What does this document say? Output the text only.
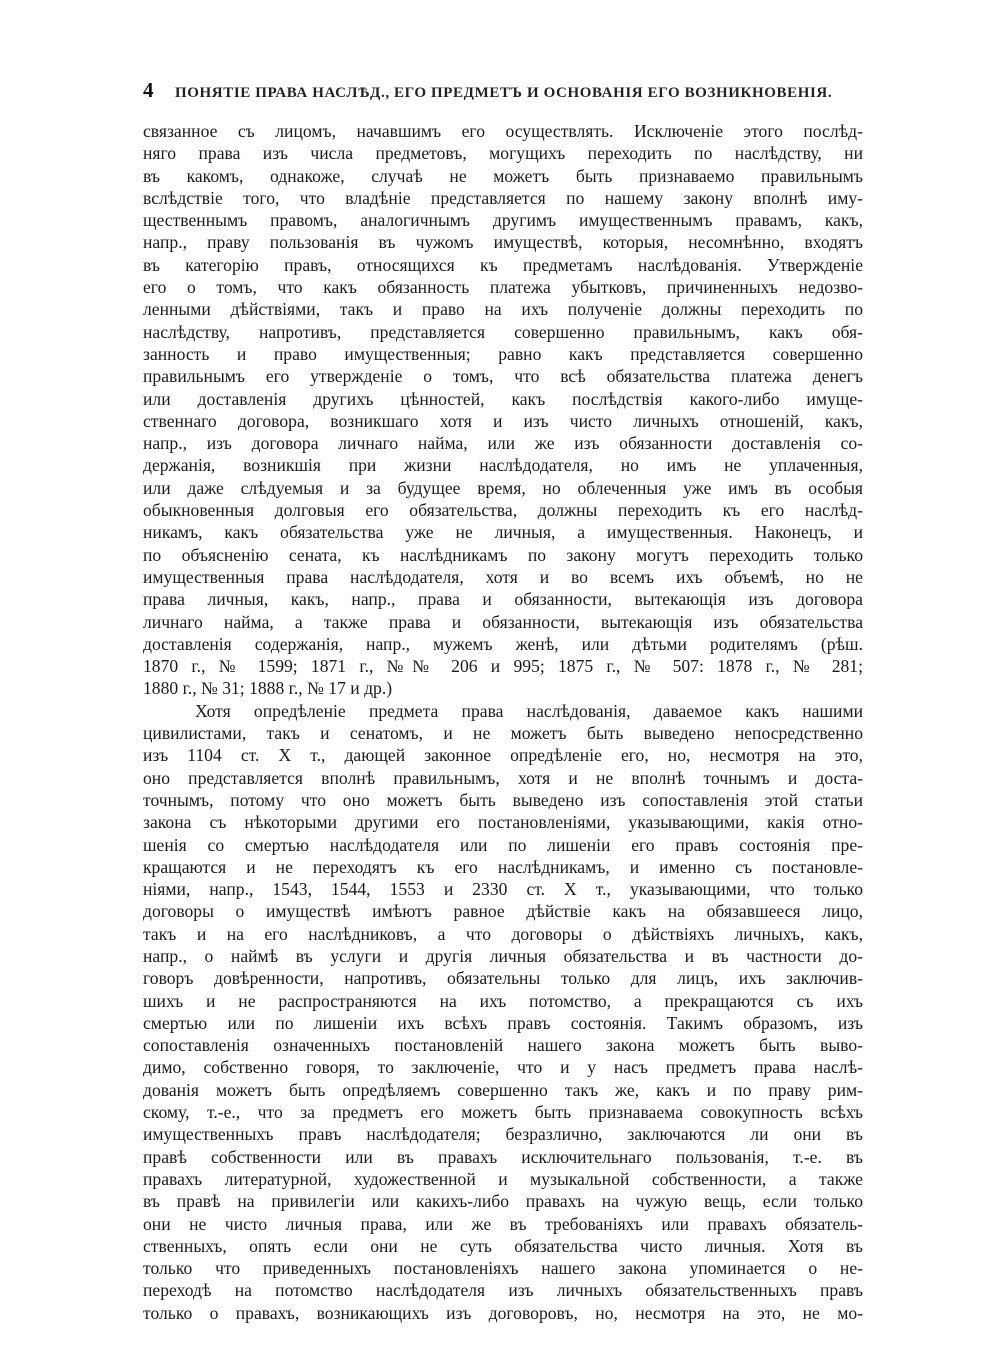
4	ПОНЯТІЕ ПРАВА НАСЛѢД., ЕГО ПРЕДМЕТЪ И ОСНОВАНІЯ ЕГО ВОЗНИКНОВЕНІЯ.
связанное съ лицомъ, начавшимъ его осуществлять. Исключеніе этого послѣд-
няго права изъ числа предметовъ, могущихъ переходить по наслѣдству, ни
въ какомъ, однакоже, случаѣ не можетъ быть признаваемо правильнымъ
вслѣдствіе того, что владѣніе представляется по нашему закону вполнѣ иму-
щественнымъ правомъ, аналогичнымъ другимъ имущественнымъ правамъ, какъ,
напр., праву пользованія въ чужомъ имуществѣ, которыя, несомнѣнно, входятъ
въ категорію правъ, относящихся къ предметамъ наслѣдованія. Утвержденіе
его о томъ, что какъ обязанность платежа убытковъ, причиненныхъ недозво-
ленными дѣйствіями, такъ и право на ихъ полученіе должны переходить по
наслѣдству, напротивъ, представляется совершенно правильнымъ, какъ обя-
занность и право имущественныя; равно какъ представляется совершенно
правильнымъ его утвержденіе о томъ, что всѣ обязательства платежа денегъ
или доставленія другихъ цѣнностей, какъ послѣдствія какого-либо имуще-
ственнаго договора, возникшаго хотя и изъ чисто личныхъ отношеній, какъ,
напр., изъ договора личнаго найма, или же изъ обязанности доставленія со-
держанія, возникшія при жизни наслѣдодателя, но имъ не уплаченныя,
или даже слѣдуемыя и за будущее время, но облеченныя уже имъ въ особыя
обыкновенныя долговыя его обязательства, должны переходить къ его наслѣд-
никамъ, какъ обязательства уже не личныя, а имущественныя. Наконецъ, и
по объясненію сената, къ наслѣдникамъ по закону могутъ переходить только
имущественныя права наслѣдодателя, хотя и во всемъ ихъ объемѣ, но не
права личныя, какъ, напр., права и обязанности, вытекающія изъ договора
личнаго найма, а также права и обязанности, вытекающія изъ обязательства
доставленія содержанія, напр., мужемъ женѣ, или дѣтьми родителямъ (рѣш.
1870 г., № 1599; 1871 г., №№ 206 и 995; 1875 г., № 507: 1878 г., № 281;
1880 г., № 31; 1888 г., № 17 и др.)
Хотя опредѣленіе предмета права наслѣдованія, даваемое какъ нашими
цивилистами, такъ и сенатомъ, и не можетъ быть выведено непосредственно
изъ 1104 ст. X т., дающей законное опредѣленіе его, но, несмотря на это,
оно представляется вполнѣ правильнымъ, хотя и не вполнѣ точнымъ и доста-
точнымъ, потому что оно можетъ быть выведено изъ сопоставленія этой статьи
закона съ нѣкоторыми другими его постановленіями, указывающими, какія отно-
шенія со смертью наслѣдодателя или по лишеніи его правъ состоянія пре-
кращаются и не переходятъ къ его наслѣдникамъ, и именно съ постановле-
ніями, напр., 1543, 1544, 1553 и 2330 ст. X т., указывающими, что только
договоры о имуществѣ имѣютъ равное дѣйствіе какъ на обязавшееся лицо,
такъ и на его наслѣдниковъ, а что договоры о дѣйствіяхъ личныхъ, какъ,
напр., о наймѣ въ услуги и другія личныя обязательства и въ частности до-
говоръ довѣренности, напротивъ, обязательны только для лицъ, ихъ заключив-
шихъ и не распространяются на ихъ потомство, а прекращаются съ ихъ
смертью или по лишеніи ихъ всѣхъ правъ состоянія. Такимъ образомъ, изъ
сопоставленія означенныхъ постановленій нашего закона можетъ быть выво-
димо, собственно говоря, то заключеніе, что и у насъ предметъ права наслѣ-
дованія можетъ быть опредѣляемъ совершенно такъ же, какъ и по праву рим-
скому, т.-е., что за предметъ его можетъ быть признаваема совокупность всѣхъ
имущественныхъ правъ наслѣдодателя; безразлично, заключаются ли они въ
правѣ собственности или въ правахъ исключительнаго пользованія, т.-е. въ
правахъ литературной, художественной и музыкальной собственности, а также
въ правѣ на привилегіи или какихъ-либо правахъ на чужую вещь, если только
они не чисто личныя права, или же въ требованіяхъ или правахъ обязатель-
ственныхъ, опять если они не суть обязательства чисто личныя. Хотя въ
только что приведенныхъ постановленіяхъ нашего закона упоминается о не-
переходѣ на потомство наслѣдодателя изъ личныхъ обязательственныхъ правъ
только о правахъ, возникающихъ изъ договоровъ, но, несмотря на это, не мо-
